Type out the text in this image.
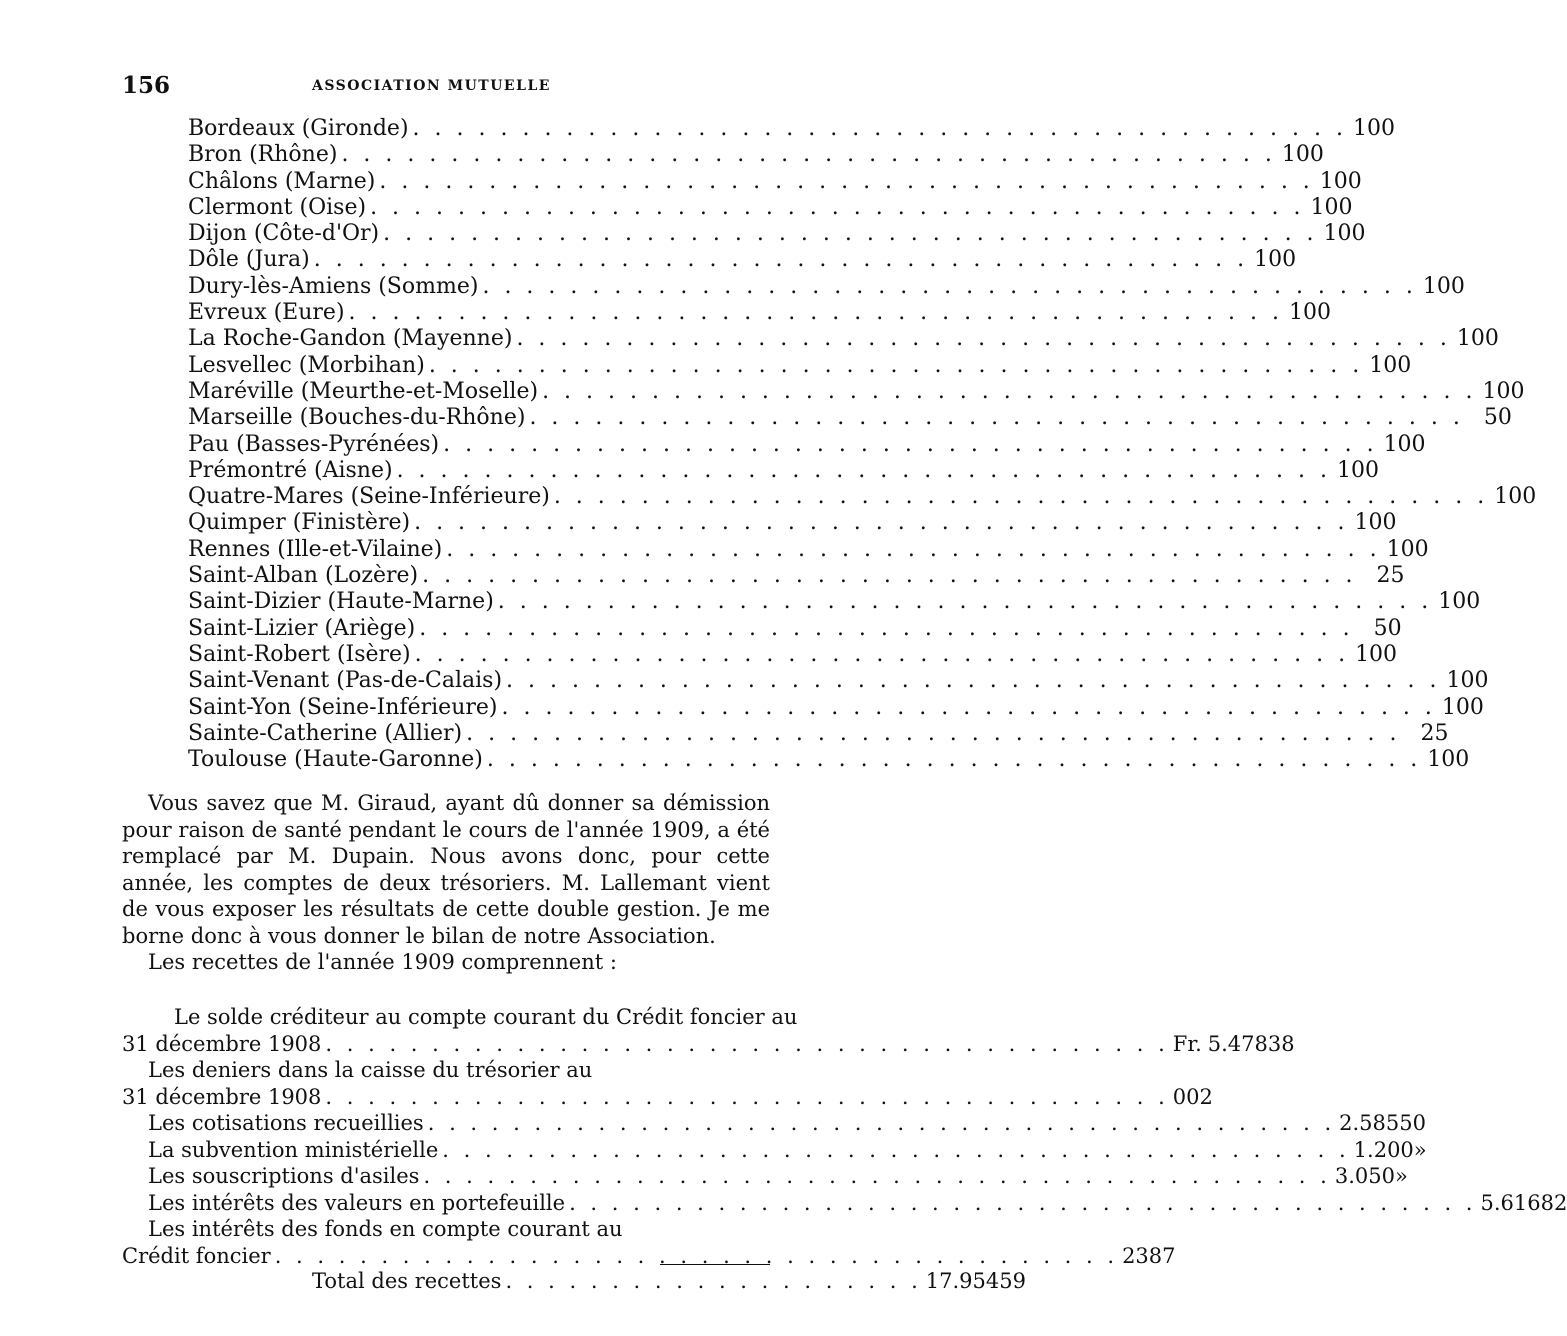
156	ASSOCIATION MUTUELLE
Bordeaux (Gironde) . . . . . . . . . . . . . . . . . . . . . . . . . . . . . . . . . . . . . . . . . . . 100
Bron (Rhône) . . . . . . . . . . . . . . . . . . . . . . . . . . . . . . . . . . . . . . . . . . . 100
Châlons (Marne) . . . . . . . . . . . . . . . . . . . . . . . . . . . . . . . . . . . . . . . . . . . 100
Clermont (Oise) . . . . . . . . . . . . . . . . . . . . . . . . . . . . . . . . . . . . . . . . . . . 100
Dijon (Côte-d'Or) . . . . . . . . . . . . . . . . . . . . . . . . . . . . . . . . . . . . . . . . . . . 100
Dôle (Jura) . . . . . . . . . . . . . . . . . . . . . . . . . . . . . . . . . . . . . . . . . . . 100
Dury-lès-Amiens (Somme) . . . . . . . . . . . . . . . . . . . . . . . . . . . . . . . . . . . . . . . . . . . 100
Evreux (Eure) . . . . . . . . . . . . . . . . . . . . . . . . . . . . . . . . . . . . . . . . . . . 100
La Roche-Gandon (Mayenne) . . . . . . . . . . . . . . . . . . . . . . . . . . . . . . . . . . . . . . . . . . . 100
Lesvellec (Morbihan) . . . . . . . . . . . . . . . . . . . . . . . . . . . . . . . . . . . . . . . . . . . 100
Maréville (Meurthe-et-Moselle) . . . . . . . . . . . . . . . . . . . . . . . . . . . . . . . . . . . . . . . . . . . 100
Marseille (Bouches-du-Rhône) . . . . . . . . . . . . . . . . . . . . . . . . . . . . . . . . . . . . . . . . . . . 50
Pau (Basses-Pyrénées) . . . . . . . . . . . . . . . . . . . . . . . . . . . . . . . . . . . . . . . . . . . 100
Prémontré (Aisne) . . . . . . . . . . . . . . . . . . . . . . . . . . . . . . . . . . . . . . . . . . . 100
Quatre-Mares (Seine-Inférieure) . . . . . . . . . . . . . . . . . . . . . . . . . . . . . . . . . . . . . . . . . . . 100
Quimper (Finistère) . . . . . . . . . . . . . . . . . . . . . . . . . . . . . . . . . . . . . . . . . . . 100
Rennes (Ille-et-Vilaine) . . . . . . . . . . . . . . . . . . . . . . . . . . . . . . . . . . . . . . . . . . . 100
Saint-Alban (Lozère) . . . . . . . . . . . . . . . . . . . . . . . . . . . . . . . . . . . . . . . . . . . 25
Saint-Dizier (Haute-Marne) . . . . . . . . . . . . . . . . . . . . . . . . . . . . . . . . . . . . . . . . . . . 100
Saint-Lizier (Ariège) . . . . . . . . . . . . . . . . . . . . . . . . . . . . . . . . . . . . . . . . . . . 50
Saint-Robert (Isère) . . . . . . . . . . . . . . . . . . . . . . . . . . . . . . . . . . . . . . . . . . . 100
Saint-Venant (Pas-de-Calais) . . . . . . . . . . . . . . . . . . . . . . . . . . . . . . . . . . . . . . . . . . . 100
Saint-Yon (Seine-Inférieure) . . . . . . . . . . . . . . . . . . . . . . . . . . . . . . . . . . . . . . . . . . . 100
Sainte-Catherine (Allier) . . . . . . . . . . . . . . . . . . . . . . . . . . . . . . . . . . . . . . . . . . . 25
Toulouse (Haute-Garonne) . . . . . . . . . . . . . . . . . . . . . . . . . . . . . . . . . . . . . . . . . . . 100

Vous savez que M. Giraud, ayant dû donner sa démission pour raison de santé pendant le cours de l'année 1909, a été remplacé par M. Dupain. Nous avons donc, pour cette année, les comptes de deux trésoriers. M. Lallemant vient de vous exposer les résultats de cette double gestion. Je me borne donc à vous donner le bilan de notre Association.

Les recettes de l'année 1909 comprennent :

Le solde créditeur au compte courant du Crédit foncier au
31 décembre 1908 . . . . . . . . . . . . . . . . . . . . . . . . . . . . . . . . . . . . . . . . Fr. 5.478 38
Les deniers dans la caisse du trésorier au
31 décembre 1908 . . . . . . . . . . . . . . . . . . . . . . . . . . . . . . . . . . . . . . . . 0 02
Les cotisations recueillies . . . . . . . . . . . . . . . . . . . . . . . . . . . . . . . . . . . . . . . . . . . 2.585 50
La subvention ministérielle . . . . . . . . . . . . . . . . . . . . . . . . . . . . . . . . . . . . . . . . . . . 1.200 »
Les souscriptions d'asiles . . . . . . . . . . . . . . . . . . . . . . . . . . . . . . . . . . . . . . . . . . . 3.050 »
Les intérêts des valeurs en portefeuille . . . . . . . . . . . . . . . . . . . . . . . . . . . . . . . . . . . . . . . . . . . 5.616 82
Les intérêts des fonds en compte courant au
Crédit foncier . . . . . . . . . . . . . . . . . . . . . . . . . . . . . . . . . . . . . . . . 23 87
Total des recettes . . . . . . . . . . . . . . . . . . . . 17.954 59
